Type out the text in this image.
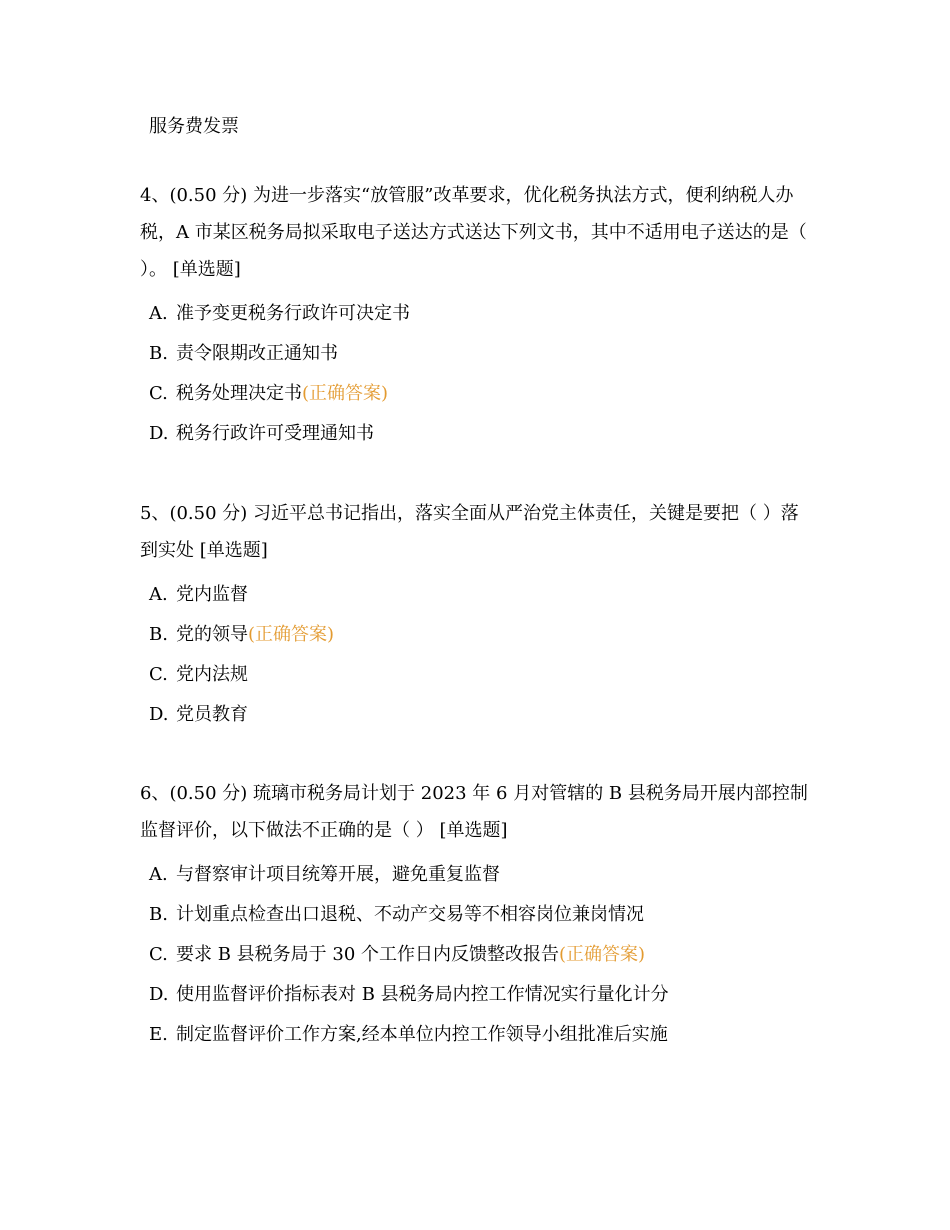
服务费发票

4、(0.50 分) 为进一步落实“放管服”改革要求，优化税务执法方式，便利纳税人办税，A 市某区税务局拟采取电子送达方式送达下列文书，其中不适用电子送达的是（ ）。 [单选题]

A. 准予变更税务行政许可决定书
B. 责令限期改正通知书
C. 税务处理决定书(正确答案)
D. 税务行政许可受理通知书

5、(0.50 分) 习近平总书记指出，落实全面从严治党主体责任，关键是要把（ ）落到实处 [单选题]

A. 党内监督
B. 党的领导(正确答案)
C. 党内法规
D. 党员教育

6、(0.50 分) 琉璃市税务局计划于 2023 年 6 月对管辖的 B 县税务局开展内部控制监督评价，以下做法不正确的是（ ） [单选题]

A. 与督察审计项目统筹开展，避免重复监督
B. 计划重点检查出口退税、不动产交易等不相容岗位兼岗情况
C. 要求 B 县税务局于 30 个工作日内反馈整改报告(正确答案)
D. 使用监督评价指标表对 B 县税务局内控工作情况实行量化计分
E. 制定监督评价工作方案,经本单位内控工作领导小组批准后实施
